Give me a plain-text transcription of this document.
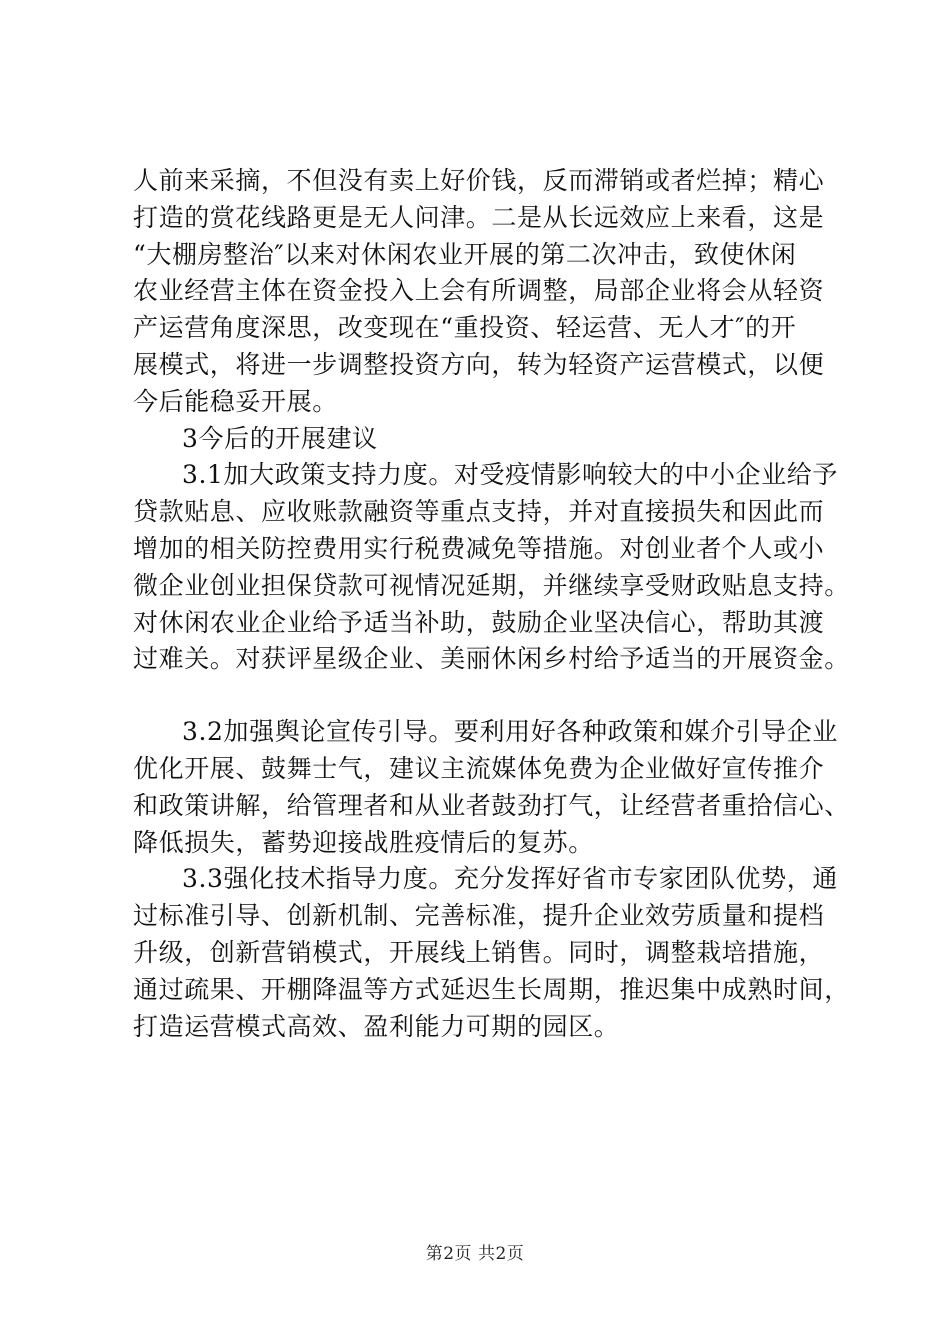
人前来采摘，不但没有卖上好价钱，反而滞销或者烂掉；精心
打造的赏花线路更是无人问津。二是从长远效应上来看，这是
“大棚房整治″以来对休闲农业开展的第二次冲击，致使休闲
农业经营主体在资金投入上会有所调整，局部企业将会从轻资
产运营角度深思，改变现在“重投资、轻运营、无人才″的开
展模式，将进一步调整投资方向，转为轻资产运营模式，以便
今后能稳妥开展。
3今后的开展建议
3.1加大政策支持力度。对受疫情影响较大的中小企业给予
贷款贴息、应收账款融资等重点支持，并对直接损失和因此而
增加的相关防控费用实行税费减免等措施。对创业者个人或小
微企业创业担保贷款可视情况延期，并继续享受财政贴息支持。
对休闲农业企业给予适当补助，鼓励企业坚决信心，帮助其渡
过难关。对获评星级企业、美丽休闲乡村给予适当的开展资金。
3.2加强舆论宣传引导。要利用好各种政策和媒介引导企业
优化开展、鼓舞士气，建议主流媒体免费为企业做好宣传推介
和政策讲解，给管理者和从业者鼓劲打气，让经营者重拾信心、
降低损失，蓄势迎接战胜疫情后的复苏。
3.3强化技术指导力度。充分发挥好省市专家团队优势，通
过标准引导、创新机制、完善标准，提升企业效劳质量和提档
升级，创新营销模式，开展线上销售。同时，调整栽培措施，
通过疏果、开棚降温等方式延迟生长周期，推迟集中成熟时间，
打造运营模式高效、盈利能力可期的园区。
第2页 共2页
